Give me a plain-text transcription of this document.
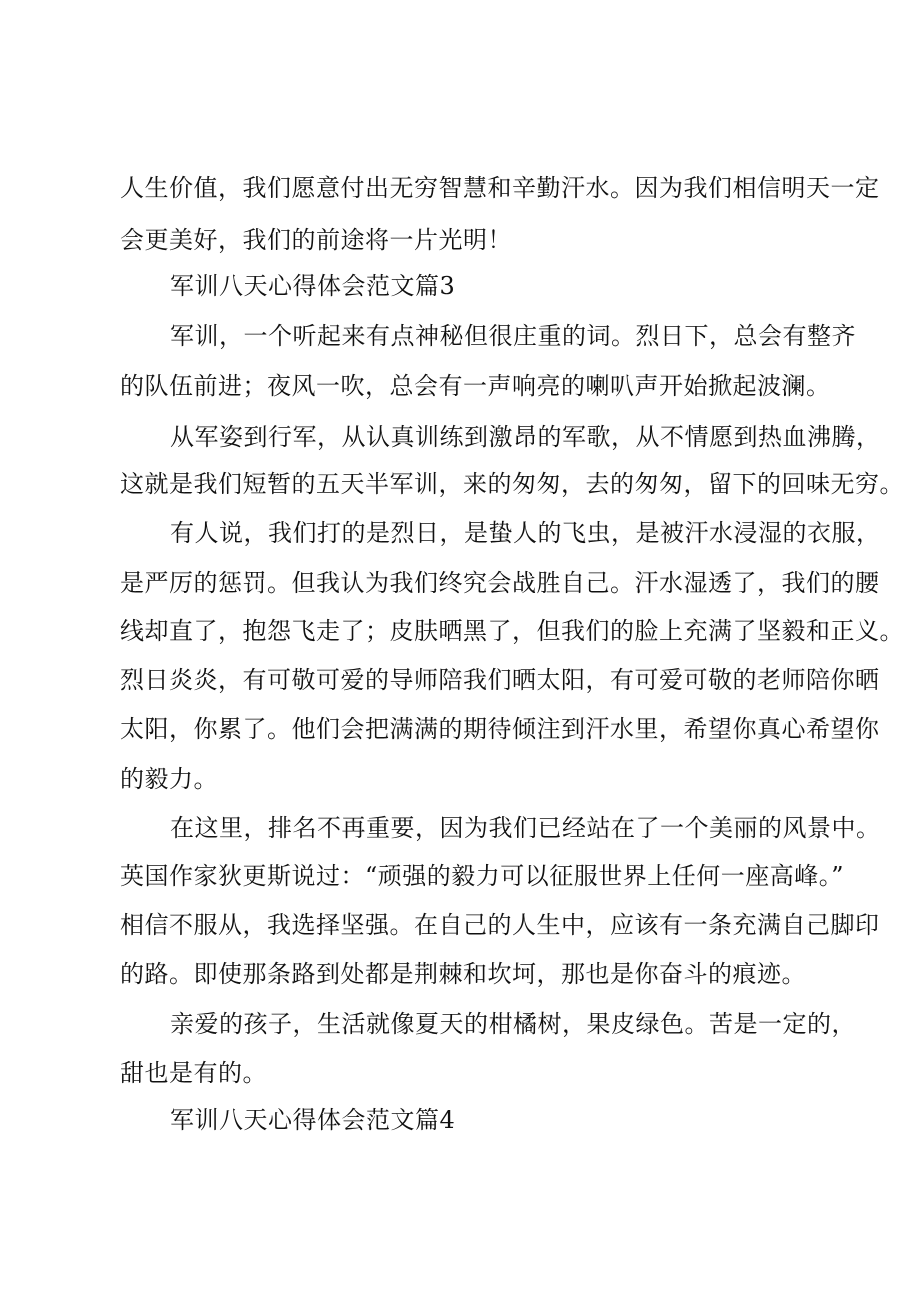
人生价值，我们愿意付出无穷智慧和辛勤汗水。因为我们相信明天一定
会更美好，我们的前途将一片光明！
军训八天心得体会范文篇3
军训，一个听起来有点神秘但很庄重的词。烈日下，总会有整齐
的队伍前进；夜风一吹，总会有一声响亮的喇叭声开始掀起波澜。
从军姿到行军，从认真训练到激昂的军歌，从不情愿到热血沸腾，
这就是我们短暂的五天半军训，来的匆匆，去的匆匆，留下的回味无穷。
有人说，我们打的是烈日，是蛰人的飞虫，是被汗水浸湿的衣服，
是严厉的惩罚。但我认为我们终究会战胜自己。汗水湿透了，我们的腰
线却直了，抱怨飞走了；皮肤晒黑了，但我们的脸上充满了坚毅和正义。
烈日炎炎，有可敬可爱的导师陪我们晒太阳，有可爱可敬的老师陪你晒
太阳，你累了。他们会把满满的期待倾注到汗水里，希望你真心希望你
的毅力。
在这里，排名不再重要，因为我们已经站在了一个美丽的风景中。
英国作家狄更斯说过：“顽强的毅力可以征服世界上任何一座高峰。”
相信不服从，我选择坚强。在自己的人生中，应该有一条充满自己脚印
的路。即使那条路到处都是荆棘和坎坷，那也是你奋斗的痕迹。
亲爱的孩子，生活就像夏天的柑橘树，果皮绿色。苦是一定的，
甜也是有的。
军训八天心得体会范文篇4
